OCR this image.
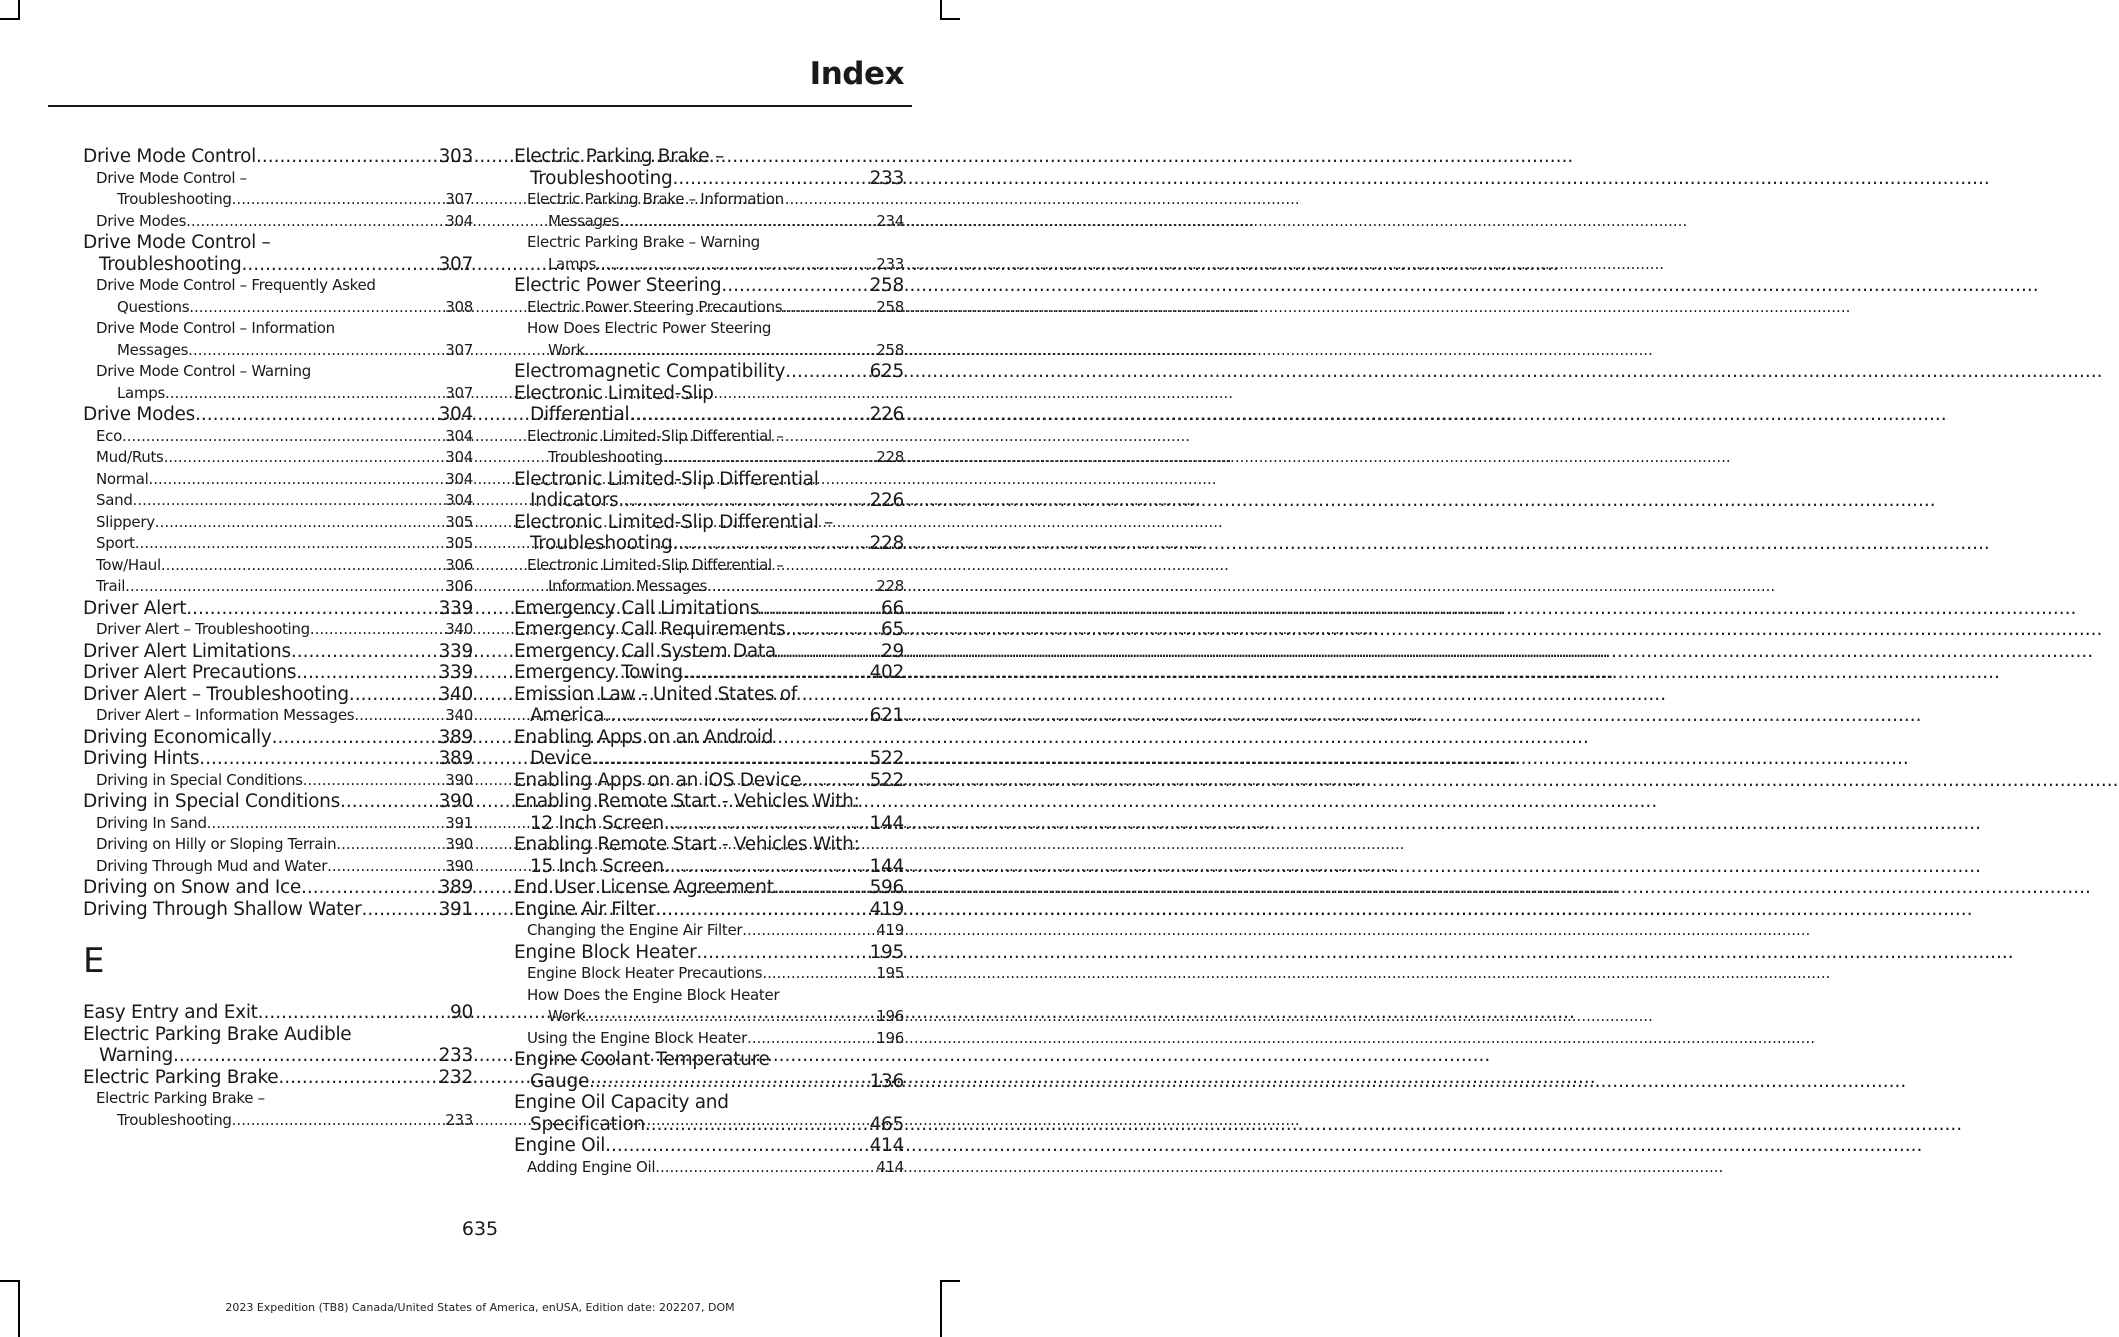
Index
Drive Mode Control .....	303
Drive Mode Control –
Troubleshooting .....	307
Drive Modes .....	304
Drive Mode Control –
Troubleshooting .....	307
Drive Mode Control – Frequently Asked
Questions .....	308
Drive Mode Control – Information
Messages .....	307
Drive Mode Control – Warning
Lamps .....	307
Drive Modes .....	304
Eco .....	304
Mud/Ruts .....	304
Normal .....	304
Sand .....	304
Slippery .....	305
Sport .....	305
Tow/Haul .....	306
Trail .....	306
Driver Alert .....	339
Driver Alert – Troubleshooting .....	340
Driver Alert Limitations .....	339
Driver Alert Precautions .....	339
Driver Alert – Troubleshooting .....	340
Driver Alert – Information Messages .....	340
Driving Economically .....	389
Driving Hints .....	389
Driving in Special Conditions .....	390
Driving in Special Conditions .....	390
Driving In Sand .....	391
Driving on Hilly or Sloping Terrain .....	390
Driving Through Mud and Water .....	390
Driving on Snow and Ice .....	389
Driving Through Shallow Water .....	391
E
Easy Entry and Exit .....	90
Electric Parking Brake Audible
Warning .....	233
Electric Parking Brake .....	232
Electric Parking Brake –
Troubleshooting .....	233
Electric Parking Brake –
Troubleshooting .....	233
Electric Parking Brake – Information
Messages .....	234
Electric Parking Brake – Warning
Lamps .....	233
Electric Power Steering .....	258
Electric Power Steering Precautions .....	258
How Does Electric Power Steering
Work .....	258
Electromagnetic Compatibility .....	625
Electronic Limited-Slip
Differential .....	226
Electronic Limited-Slip Differential –
Troubleshooting .....	228
Electronic Limited-Slip Differential
Indicators .....	226
Electronic Limited-Slip Differential –
Troubleshooting .....	228
Electronic Limited-Slip Differential –
Information Messages .....	228
Emergency Call Limitations .....	66
Emergency Call Requirements .....	65
Emergency Call System Data .....	29
Emergency Towing .....	402
Emission Law - United States of
America .....	621
Enabling Apps on an Android
Device .....	522
Enabling Apps on an iOS Device .....	522
Enabling Remote Start - Vehicles With:
12 Inch Screen .....	144
Enabling Remote Start - Vehicles With:
15 Inch Screen .....	144
End User License Agreement .....	596
Engine Air Filter .....	419
Changing the Engine Air Filter .....	419
Engine Block Heater .....	195
Engine Block Heater Precautions .....	195
How Does the Engine Block Heater
Work .....	196
Using the Engine Block Heater .....	196
Engine Coolant Temperature
Gauge .....	136
Engine Oil Capacity and
Specification .....	465
Engine Oil .....	414
Adding Engine Oil .....	414
635
2023 Expedition (TB8) Canada/United States of America, enUSA, Edition date: 202207, DOM
